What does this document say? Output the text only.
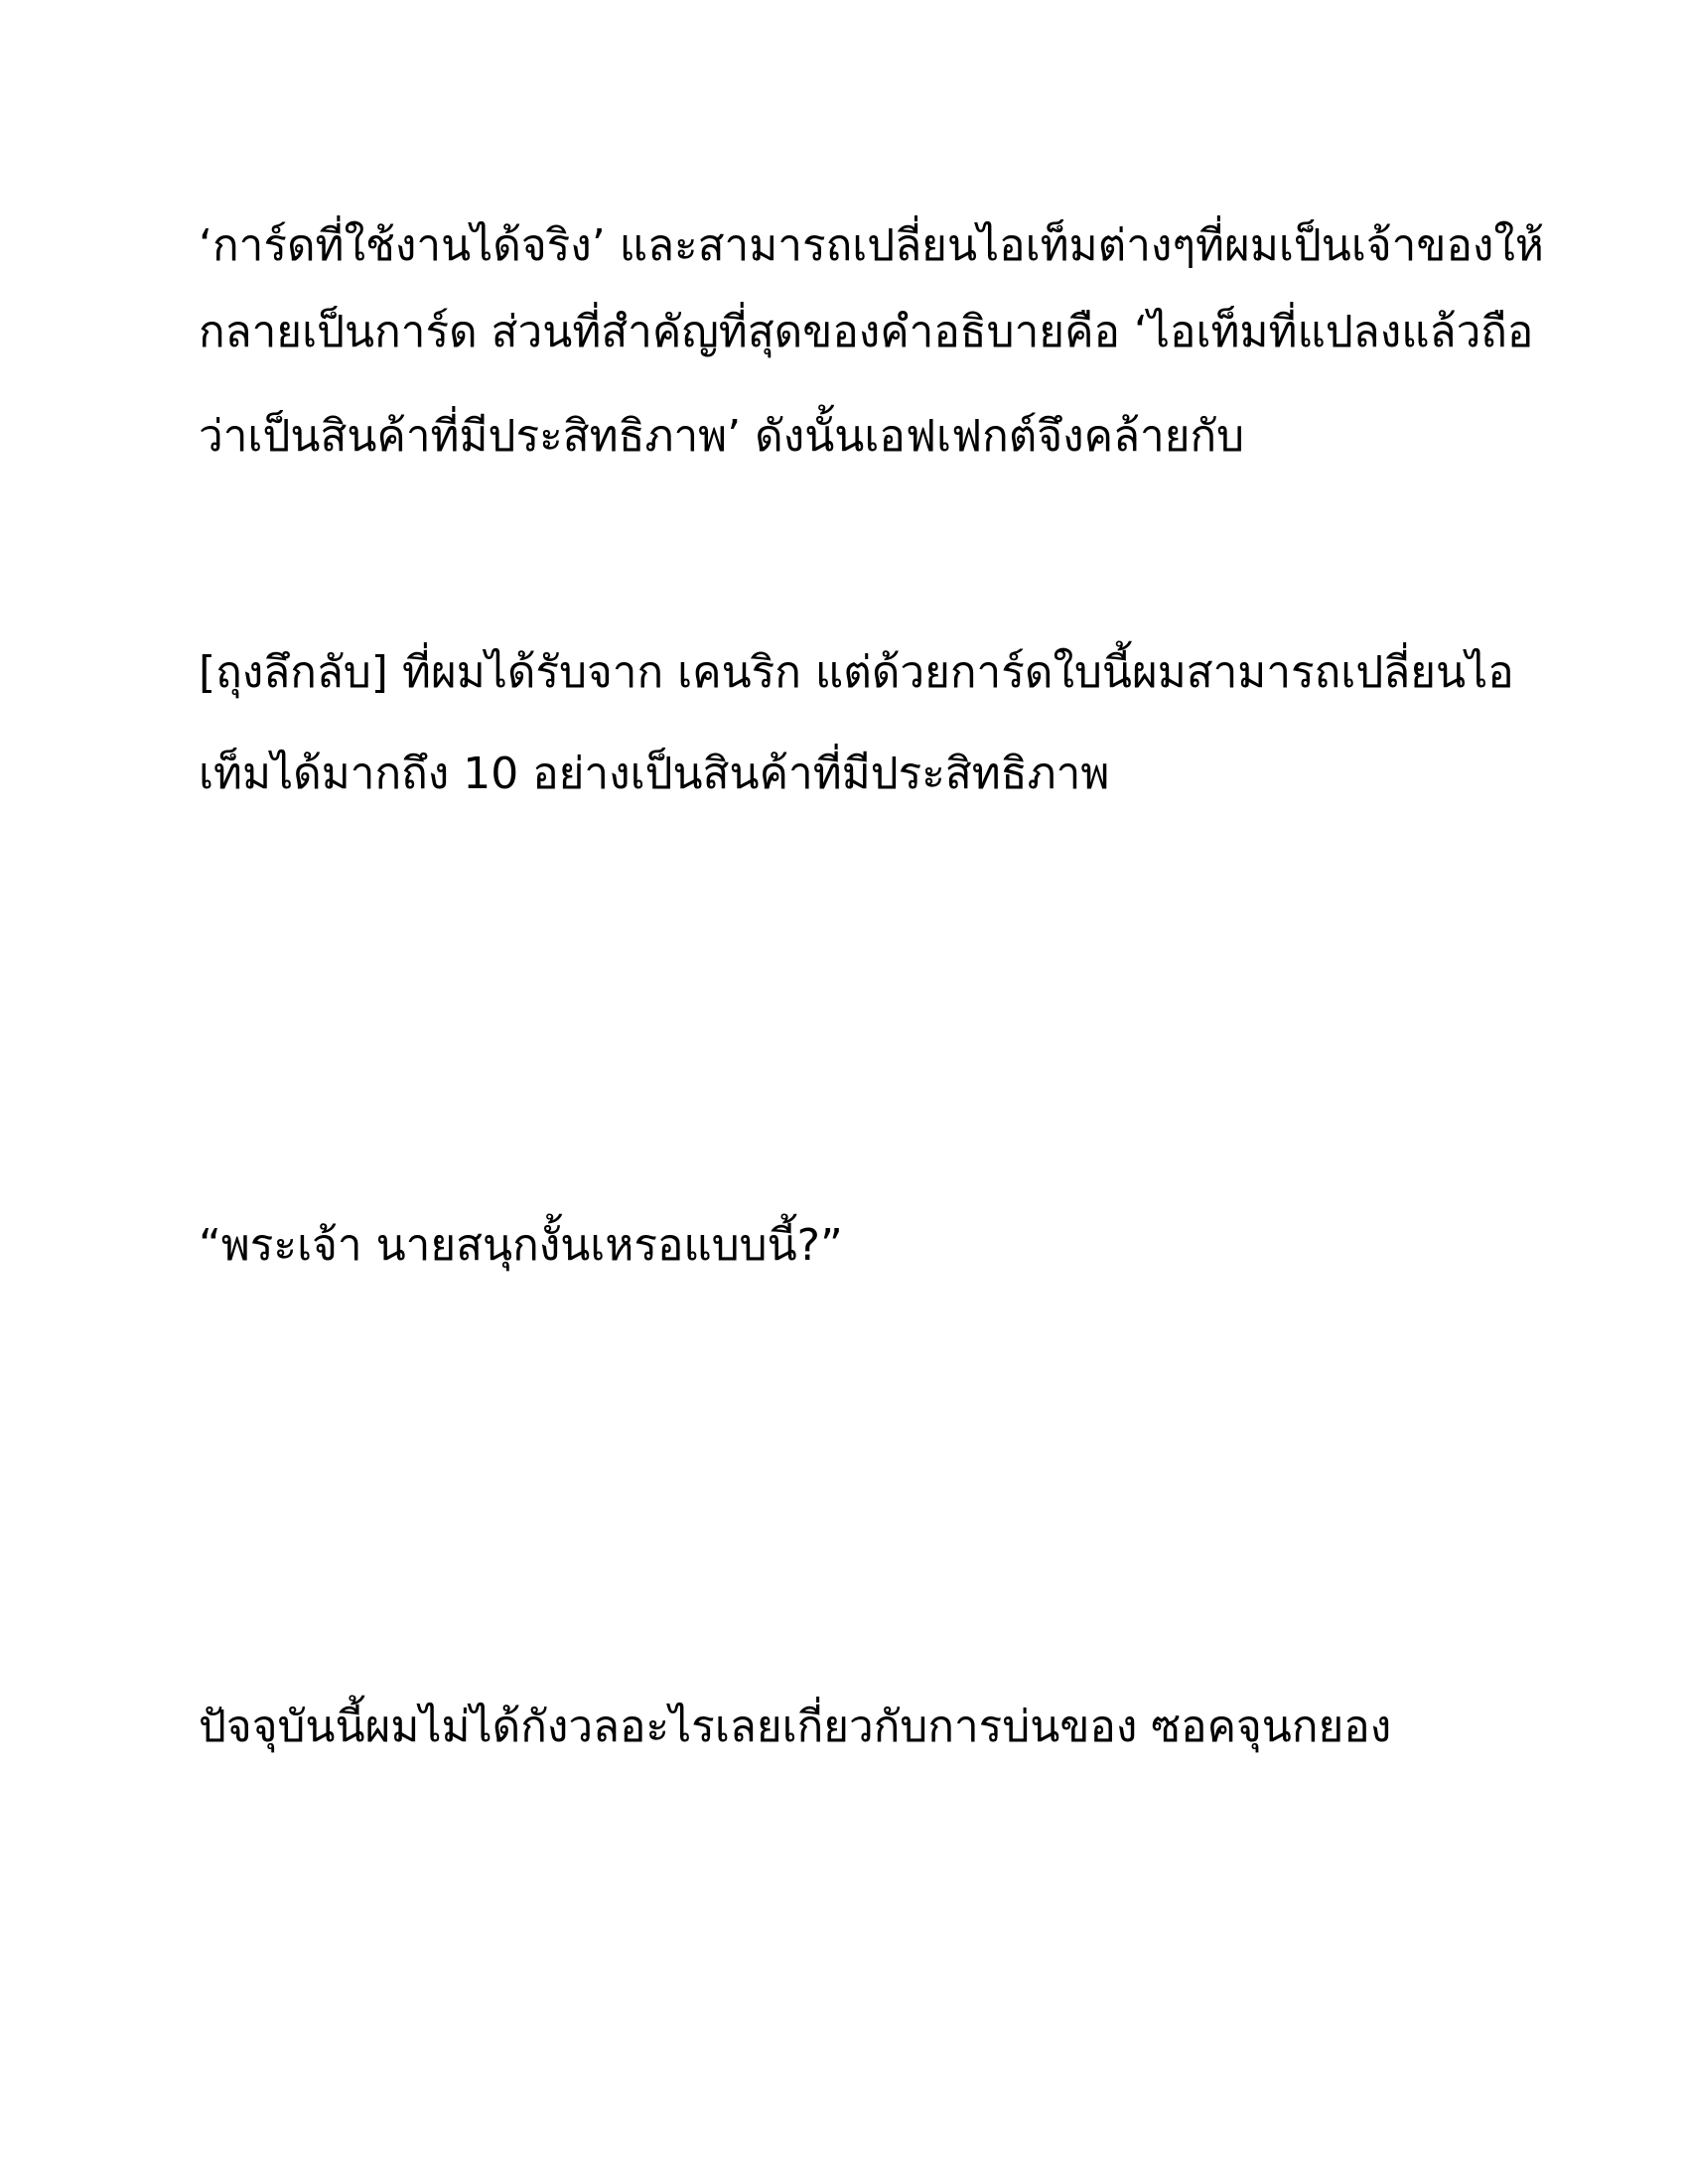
‘การ์ดที่ใช้งานได้จริง’ และสามารถเปลี่ยนไอเท็มต่างๆที่ผมเป็นเจ้าของให้
กลายเป็นการ์ด ส่วนที่สำคัญที่สุดของคำอธิบายคือ ‘ไอเท็มที่แปลงแล้วถือ
ว่าเป็นสินค้าที่มีประสิทธิภาพ’ ดังนั้นเอฟเฟกต์จึงคล้ายกับ
[ถุงลึกลับ] ที่ผมได้รับจาก เคนริก แต่ด้วยการ์ดใบนี้ผมสามารถเปลี่ยนไอ
เท็มได้มากถึง 10 อย่างเป็นสินค้าที่มีประสิทธิภาพ
“พระเจ้า นายสนุกงั้นเหรอแบบนี้?”
ปัจจุบันนี้ผมไม่ได้กังวลอะไรเลยเกี่ยวกับการบ่นของ ซอคจุนกยอง
